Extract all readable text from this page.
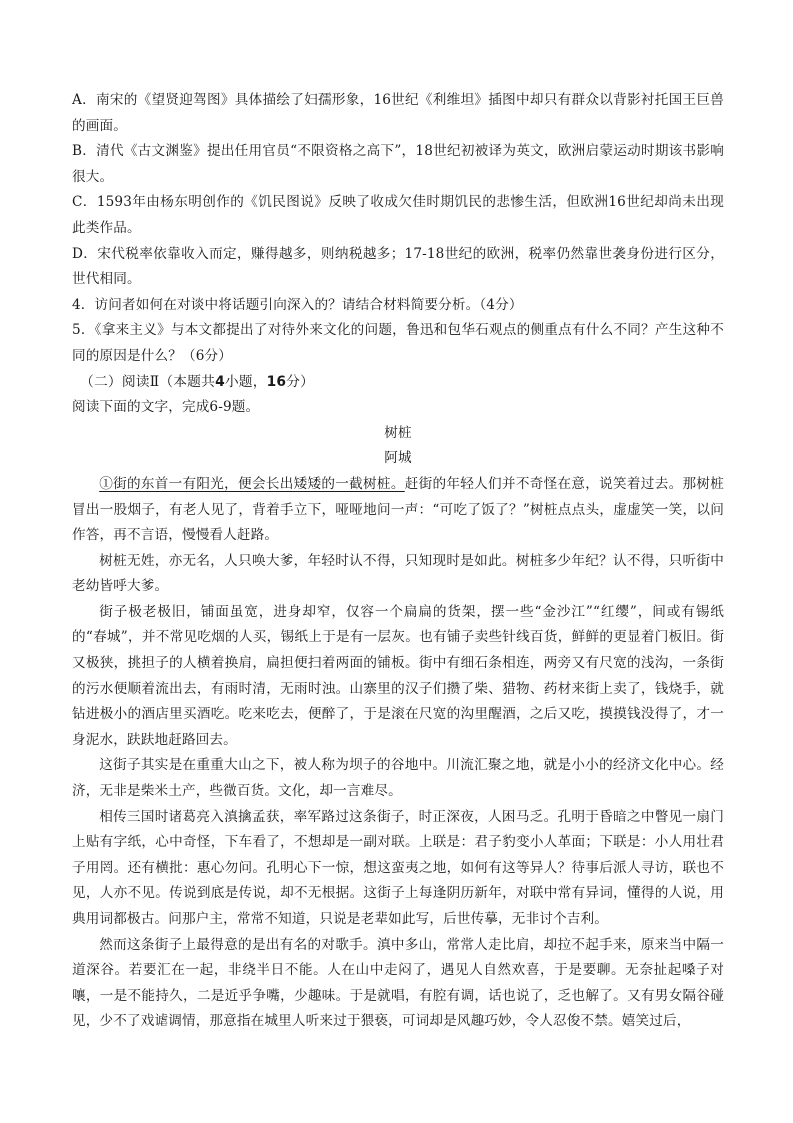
A．南宋的《望贤迎驾图》具体描绘了妇孺形象，16世纪《利维坦》插图中却只有群众以背影衬托国王巨兽的画面。

B．清代《古文渊鉴》提出任用官员“不限资格之高下”，18世纪初被译为英文，欧洲启蒙运动时期该书影响很大。

C．1593年由杨东明创作的《饥民图说》反映了收成欠佳时期饥民的悲惨生活，但欧洲16世纪却尚未出现此类作品。

D．宋代税率依靠收入而定，赚得越多，则纳税越多；17-18世纪的欧洲，税率仍然靠世袭身份进行区分，世代相同。

4．访问者如何在对谈中将话题引向深入的？请结合材料简要分析。（4分）

5．《拿来主义》与本文都提出了对待外来文化的问题，鲁迅和包华石观点的侧重点有什么不同？产生这种不同的原因是什么？（6分）

（二）阅读Ⅱ（本题共4小题，16分）

阅读下面的文字，完成6-9题。

树桩

阿城

①街的东首一有阳光，便会长出矮矮的一截树桩。赶街的年轻人们并不奇怪在意，说笑着过去。那树桩冒出一股烟子，有老人见了，背着手立下，哑哑地问一声：“可吃了饭了？”树桩点点头，虚虚笑一笑，以问作答，再不言语，慢慢看人赶路。

树桩无姓，亦无名，人只唤大爹，年轻时认不得，只知现时是如此。树桩多少年纪？认不得，只听街中老幼皆呼大爹。

街子极老极旧，铺面虽宽，进身却窄，仅容一个扁扁的货架，摆一些“金沙江”“红缨”，间或有锡纸的“春城”，并不常见吃烟的人买，锡纸上于是有一层灰。也有铺子卖些针线百货，鲜鲜的更显着门板旧。街又极狭，挑担子的人横着换肩，扁担便扫着两面的铺板。街中有细石条相连，两旁又有尺宽的浅沟，一条街的污水便顺着流出去，有雨时清，无雨时浊。山寨里的汉子们攒了柴、猎物、药材来街上卖了，钱烧手，就钻进极小的酒店里买酒吃。吃来吃去，便醉了，于是滚在尺宽的沟里醒酒，之后又吃，摸摸钱没得了，才一身泥水，趺趺地赶路回去。

这街子其实是在重重大山之下，被人称为坝子的谷地中。川流汇聚之地，就是小小的经济文化中心。经济，无非是柴米土产，些微百货。文化，却一言难尽。

相传三国时诸葛亮入滇擒孟获，率军路过这条街子，时正深夜，人困马乏。孔明于昏暗之中瞥见一扇门上贴有字纸，心中奇怪，下车看了，不想却是一副对联。上联是：君子豹变小人革面；下联是：小人用壮君子用罔。还有横批：惠心勿问。孔明心下一惊，想这蛮夷之地，如何有这等异人？待事后派人寻访，联也不见，人亦不见。传说到底是传说，却不无根据。这街子上每逢阴历新年，对联中常有异词，懂得的人说，用典用词都极古。问那户主，常常不知道，只说是老辈如此写，后世传摹，无非讨个吉利。

然而这条街子上最得意的是出有名的对歌手。滇中多山，常常人走比肩，却拉不起手来，原来当中隔一道深谷。若要汇在一起，非绕半日不能。人在山中走闷了，遇见人自然欢喜，于是要聊。无奈扯起嗓子对嚷，一是不能持久，二是近乎争嘴，少趣味。于是就唱，有腔有调，话也说了，乏也解了。又有男女隔谷碰见，少不了戏谑调情，那意指在城里人听来过于猥亵，可词却是风趣巧妙，令人忍俊不禁。嬉笑过后，
